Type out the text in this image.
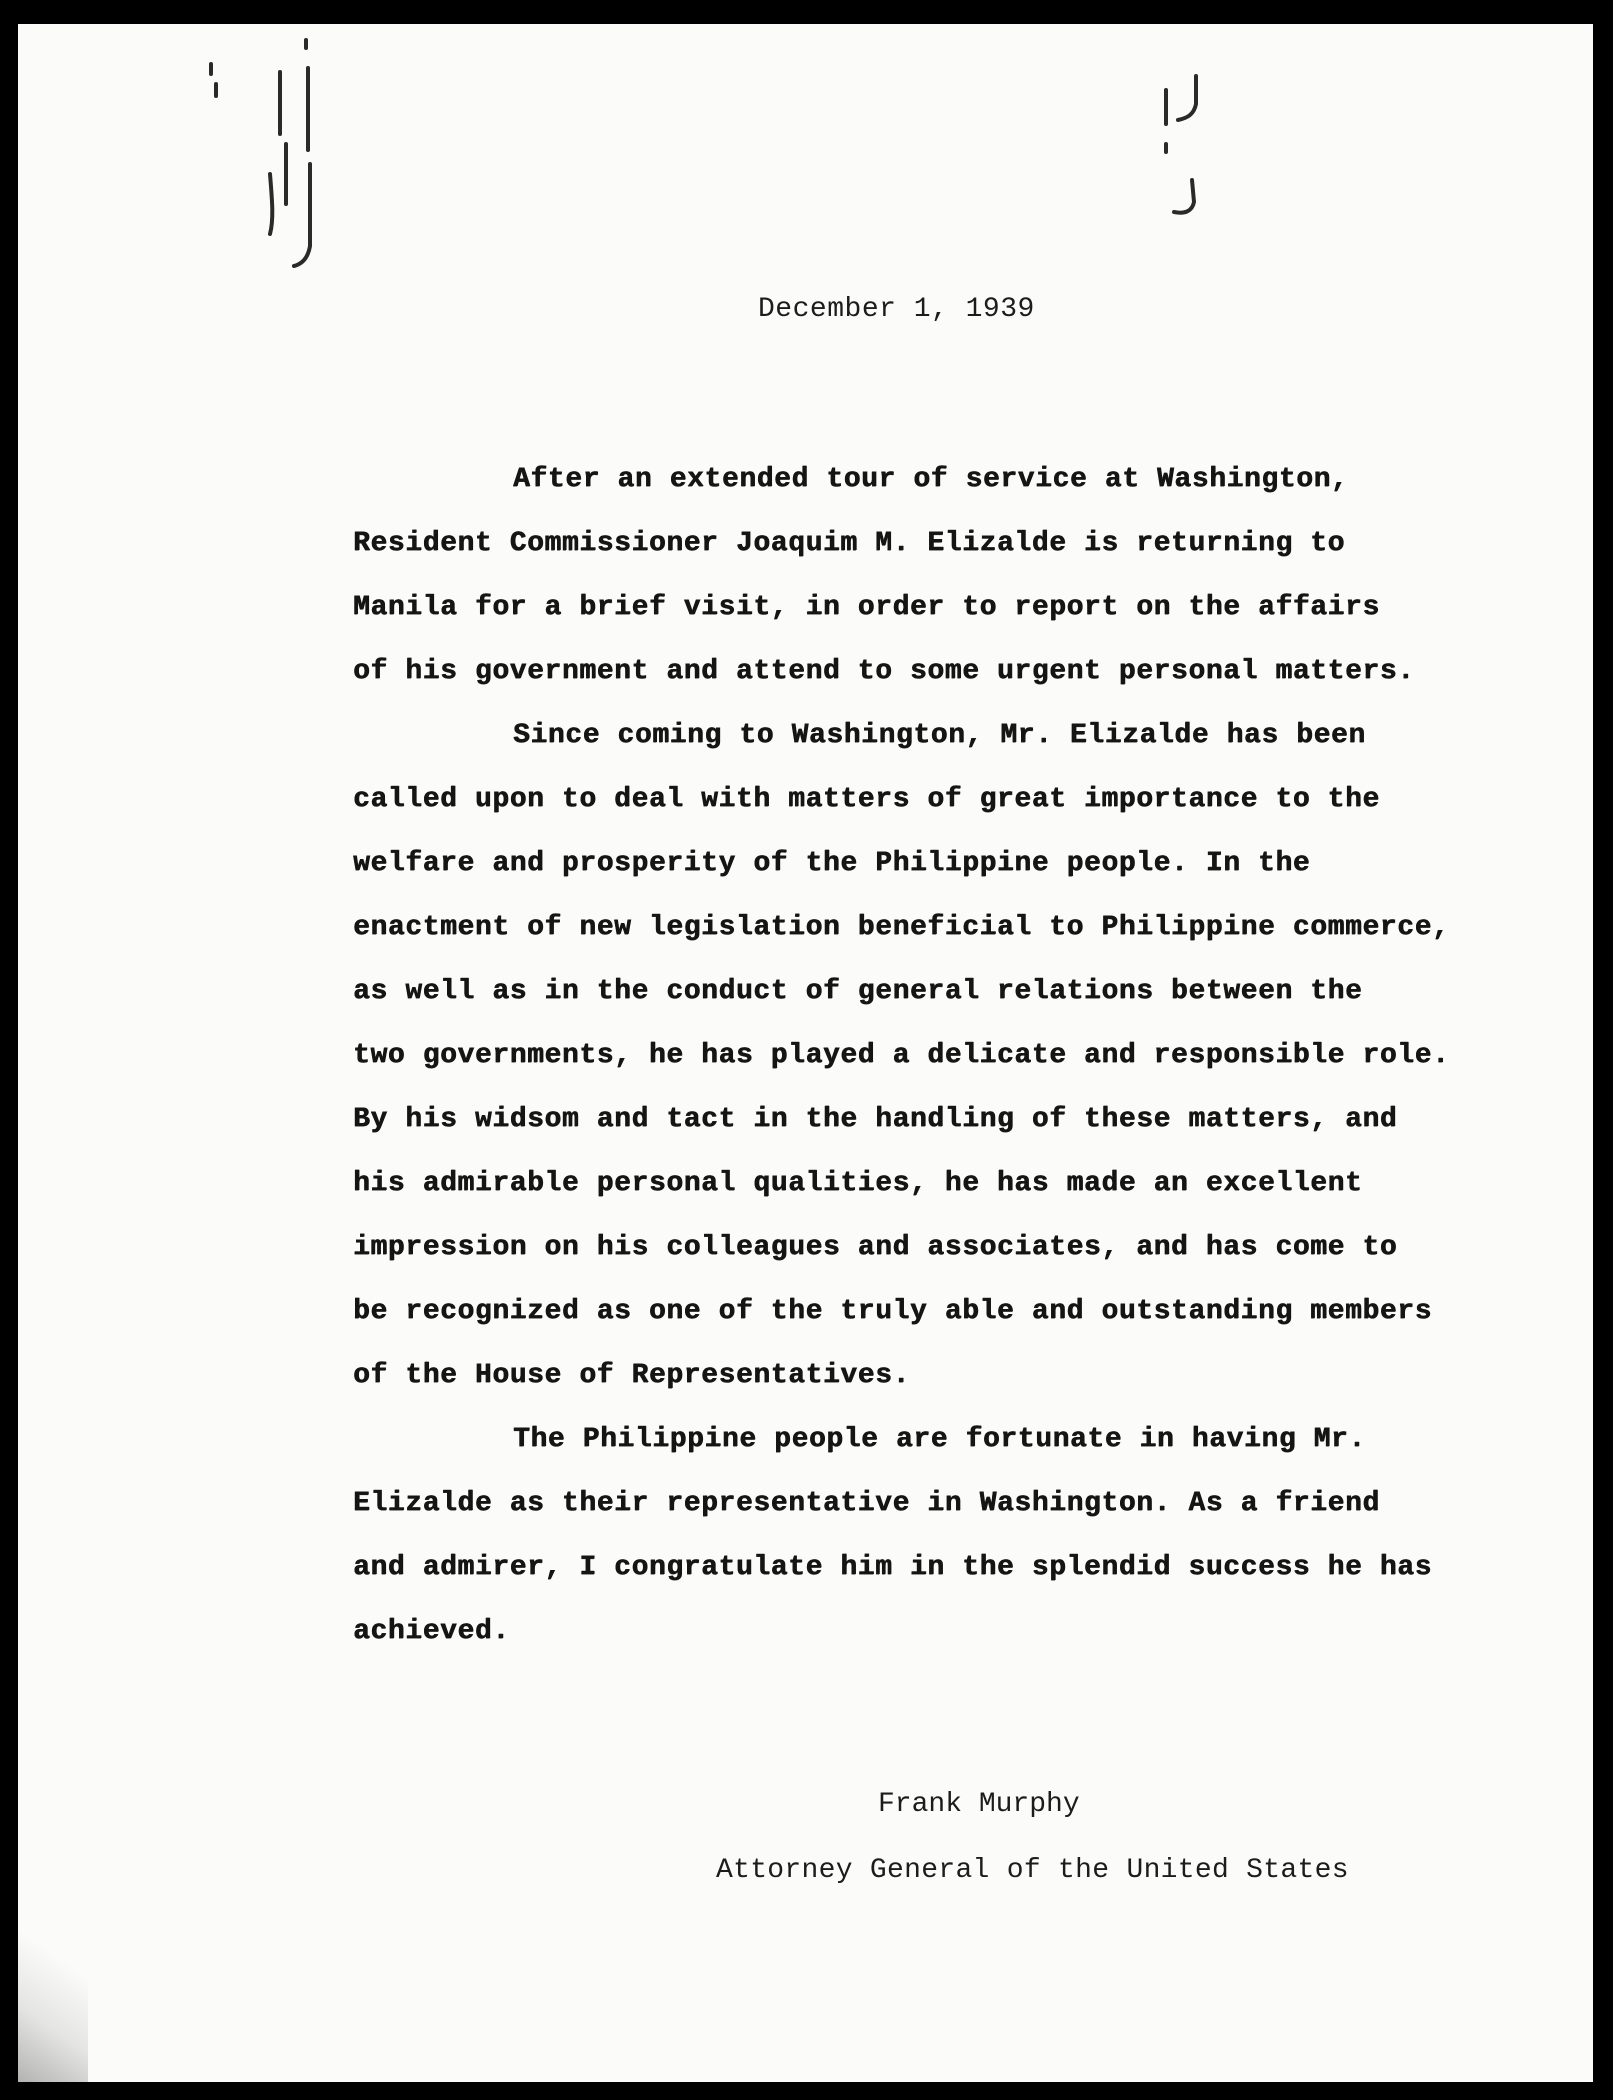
December 1, 1939

After an extended tour of service at Washington,
Resident Commissioner Joaquim M. Elizalde is returning to
Manila for a brief visit, in order to report on the affairs
of his government and attend to some urgent personal matters.
Since coming to Washington, Mr. Elizalde has been
called upon to deal with matters of great importance to the
welfare and prosperity of the Philippine people. In the
enactment of new legislation beneficial to Philippine commerce,
as well as in the conduct of general relations between the
two governments, he has played a delicate and responsible role.
By his widsom and tact in the handling of these matters, and
his admirable personal qualities, he has made an excellent
impression on his colleagues and associates, and has come to
be recognized as one of the truly able and outstanding members
of the House of Representatives.
The Philippine people are fortunate in having Mr.
Elizalde as their representative in Washington. As a friend
and admirer, I congratulate him in the splendid success he has
achieved.

Frank Murphy

Attorney General of the United States
